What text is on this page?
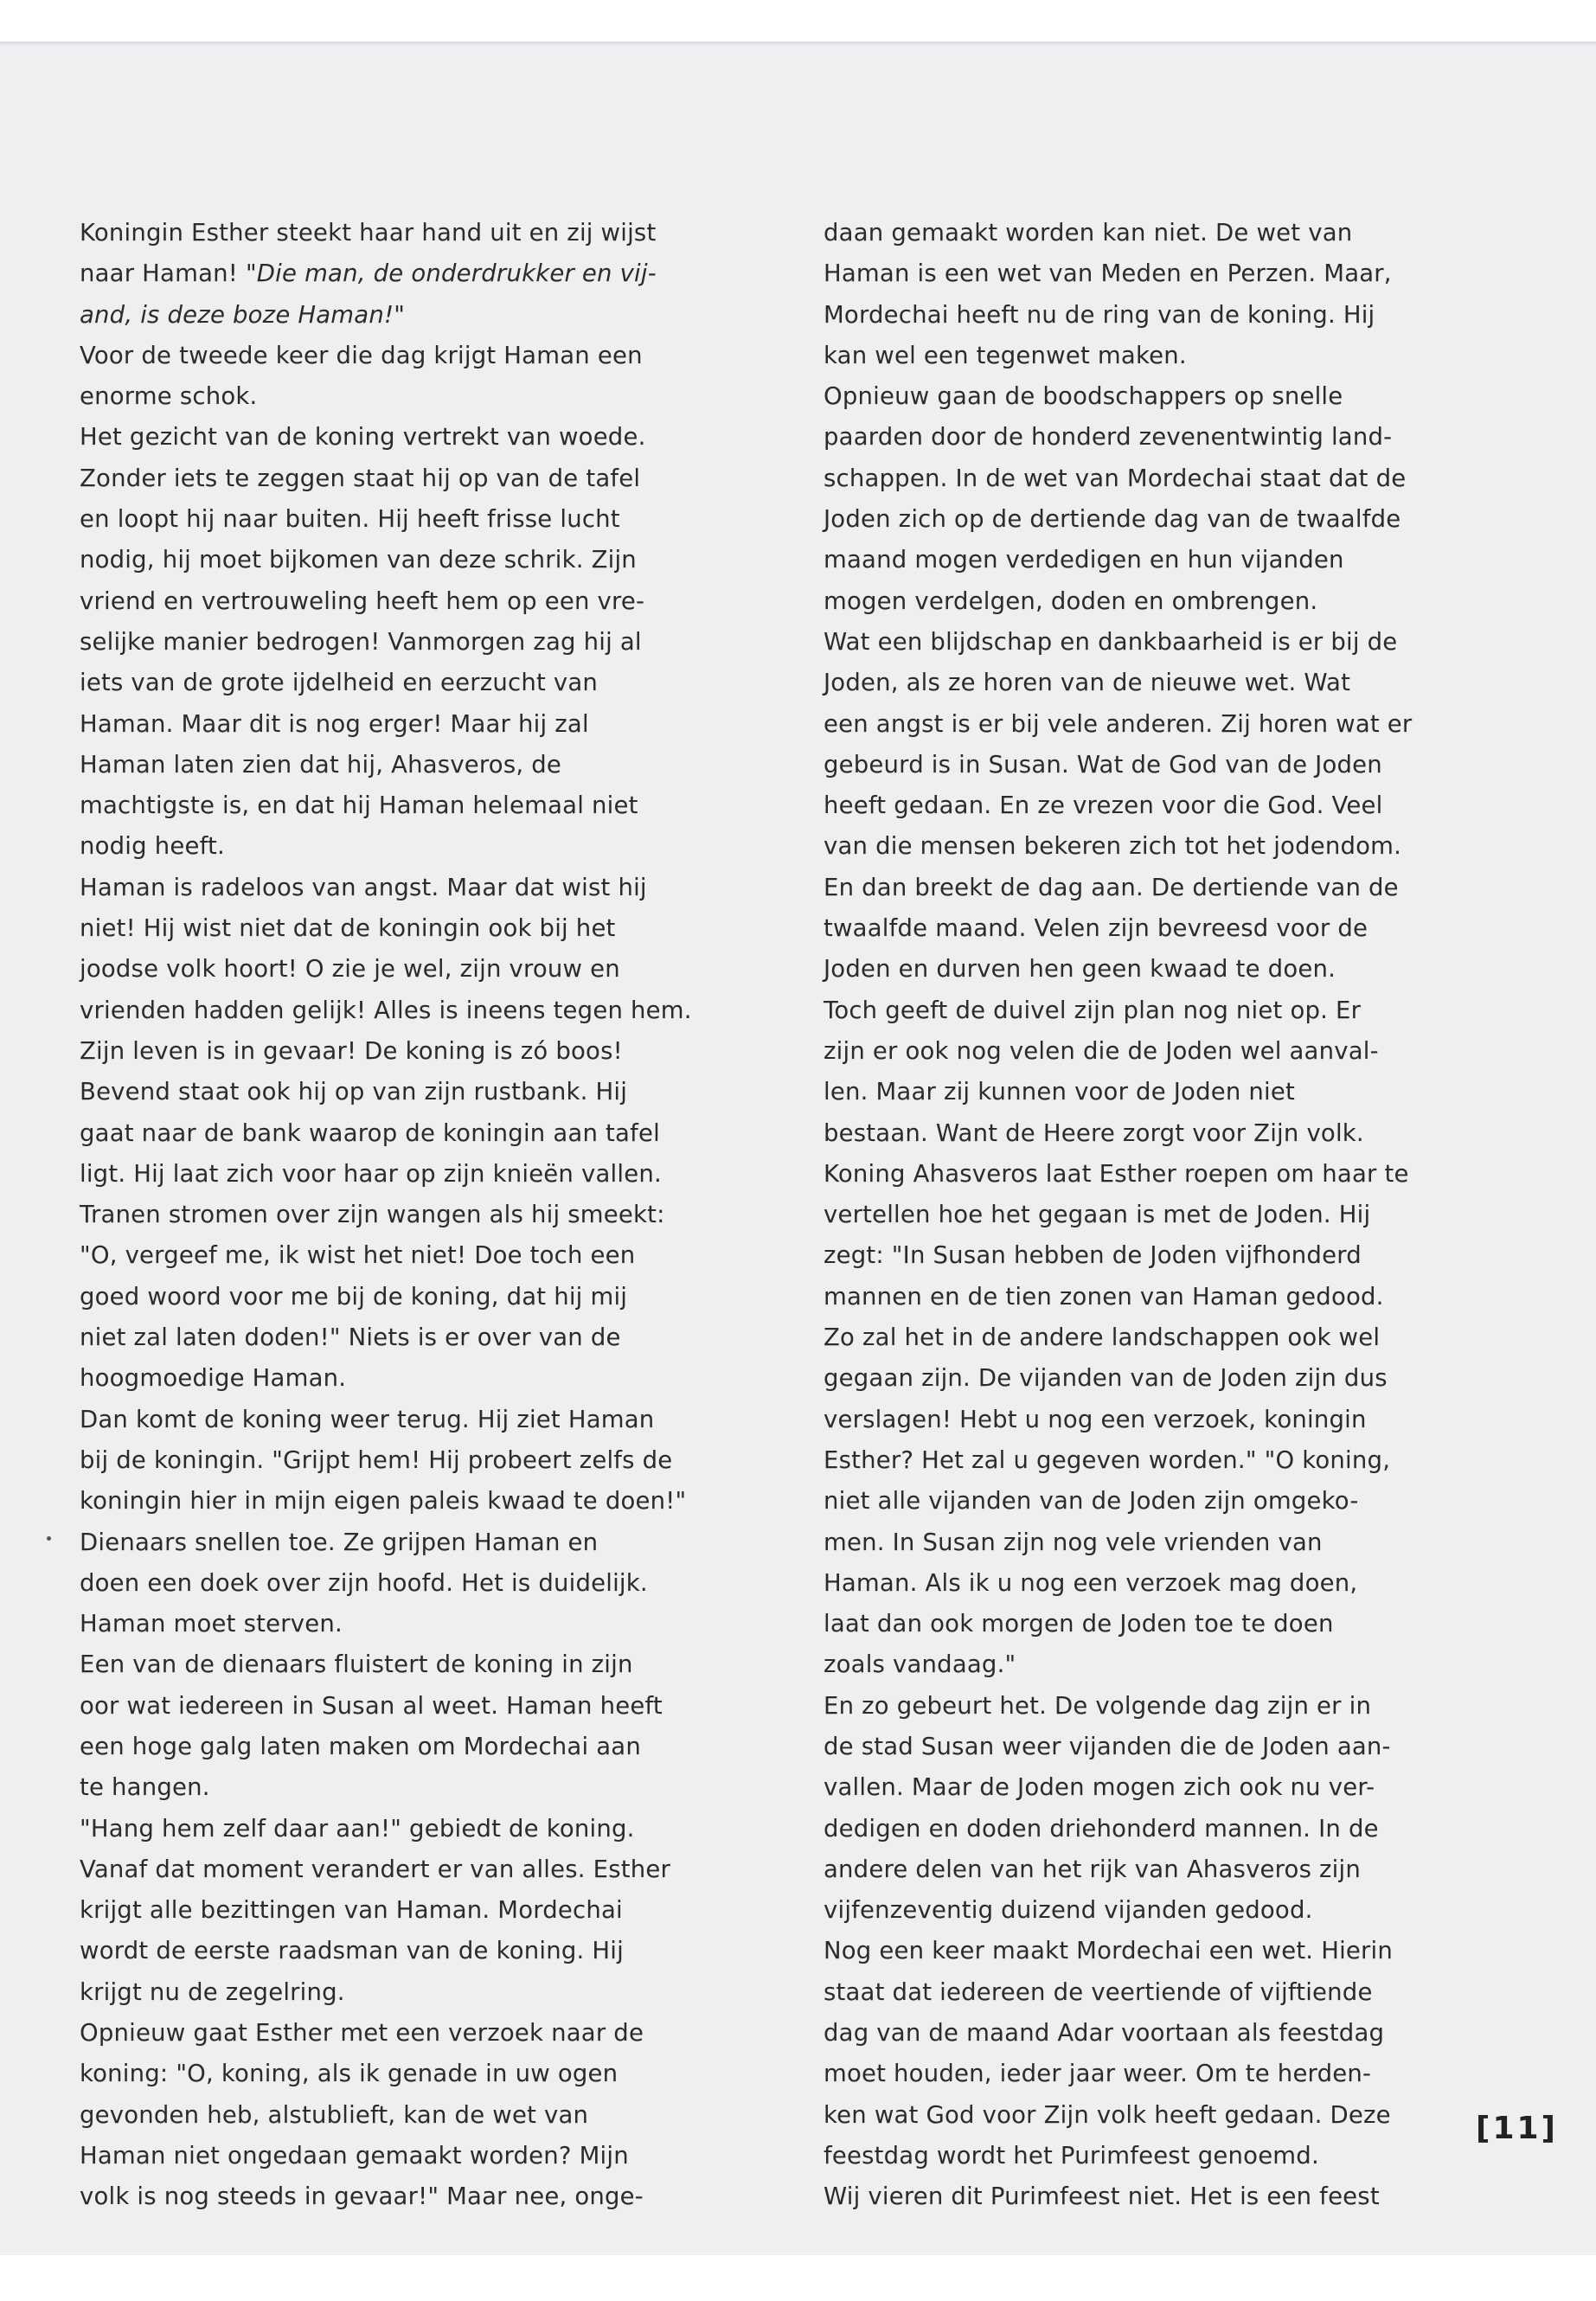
Koningin Esther steekt haar hand uit en zij wijst

naar Haman! "Die man, de onderdrukker en vij-

and, is deze boze Haman!"

Voor de tweede keer die dag krijgt Haman een

enorme schok.

Het gezicht van de koning vertrekt van woede.

Zonder iets te zeggen staat hij op van de tafel

en loopt hij naar buiten. Hij heeft frisse lucht

nodig, hij moet bijkomen van deze schrik. Zijn

vriend en vertrouweling heeft hem op een vre-

selijke manier bedrogen! Vanmorgen zag hij al

iets van de grote ijdelheid en eerzucht van

Haman. Maar dit is nog erger! Maar hij zal

Haman laten zien dat hij, Ahasveros, de

machtigste is, en dat hij Haman helemaal niet

nodig heeft.

Haman is radeloos van angst. Maar dat wist hij

niet! Hij wist niet dat de koningin ook bij het

joodse volk hoort! O zie je wel, zijn vrouw en

vrienden hadden gelijk! Alles is ineens tegen hem.

Zijn leven is in gevaar! De koning is zó boos!

Bevend staat ook hij op van zijn rustbank. Hij

gaat naar de bank waarop de koningin aan tafel

ligt. Hij laat zich voor haar op zijn knieën vallen.

Tranen stromen over zijn wangen als hij smeekt:

"O, vergeef me, ik wist het niet! Doe toch een

goed woord voor me bij de koning, dat hij mij

niet zal laten doden!" Niets is er over van de

hoogmoedige Haman.

Dan komt de koning weer terug. Hij ziet Haman

bij de koningin. "Grijpt hem! Hij probeert zelfs de

koningin hier in mijn eigen paleis kwaad te doen!"

Dienaars snellen toe. Ze grijpen Haman en

doen een doek over zijn hoofd. Het is duidelijk.

Haman moet sterven.

Een van de dienaars fluistert de koning in zijn

oor wat iedereen in Susan al weet. Haman heeft

een hoge galg laten maken om Mordechai aan

te hangen.

"Hang hem zelf daar aan!" gebiedt de koning.

Vanaf dat moment verandert er van alles. Esther

krijgt alle bezittingen van Haman. Mordechai

wordt de eerste raadsman van de koning. Hij

krijgt nu de zegelring.

Opnieuw gaat Esther met een verzoek naar de

koning: "O, koning, als ik genade in uw ogen

gevonden heb, alstublieft, kan de wet van

Haman niet ongedaan gemaakt worden? Mijn

volk is nog steeds in gevaar!" Maar nee, onge-

daan gemaakt worden kan niet. De wet van

Haman is een wet van Meden en Perzen. Maar,

Mordechai heeft nu de ring van de koning. Hij

kan wel een tegenwet maken.

Opnieuw gaan de boodschappers op snelle

paarden door de honderd zevenentwintig land-

schappen. In de wet van Mordechai staat dat de

Joden zich op de dertiende dag van de twaalfde

maand mogen verdedigen en hun vijanden

mogen verdelgen, doden en ombrengen.

Wat een blijdschap en dankbaarheid is er bij de

Joden, als ze horen van de nieuwe wet. Wat

een angst is er bij vele anderen. Zij horen wat er

gebeurd is in Susan. Wat de God van de Joden

heeft gedaan. En ze vrezen voor die God. Veel

van die mensen bekeren zich tot het jodendom.

En dan breekt de dag aan. De dertiende van de

twaalfde maand. Velen zijn bevreesd voor de

Joden en durven hen geen kwaad te doen.

Toch geeft de duivel zijn plan nog niet op. Er

zijn er ook nog velen die de Joden wel aanval-

len. Maar zij kunnen voor de Joden niet

bestaan. Want de Heere zorgt voor Zijn volk.

Koning Ahasveros laat Esther roepen om haar te

vertellen hoe het gegaan is met de Joden. Hij

zegt: "In Susan hebben de Joden vijfhonderd

mannen en de tien zonen van Haman gedood.

Zo zal het in de andere landschappen ook wel

gegaan zijn. De vijanden van de Joden zijn dus

verslagen! Hebt u nog een verzoek, koningin

Esther? Het zal u gegeven worden." "O koning,

niet alle vijanden van de Joden zijn omgeko-

men. In Susan zijn nog vele vrienden van

Haman. Als ik u nog een verzoek mag doen,

laat dan ook morgen de Joden toe te doen

zoals vandaag."

En zo gebeurt het. De volgende dag zijn er in

de stad Susan weer vijanden die de Joden aan-

vallen. Maar de Joden mogen zich ook nu ver-

dedigen en doden driehonderd mannen. In de

andere delen van het rijk van Ahasveros zijn

vijfenzeventig duizend vijanden gedood.

Nog een keer maakt Mordechai een wet. Hierin

staat dat iedereen de veertiende of vijftiende

dag van de maand Adar voortaan als feestdag

moet houden, ieder jaar weer. Om te herden-

ken wat God voor Zijn volk heeft gedaan. Deze

feestdag wordt het Purimfeest genoemd.

Wij vieren dit Purimfeest niet. Het is een feest

[11]
